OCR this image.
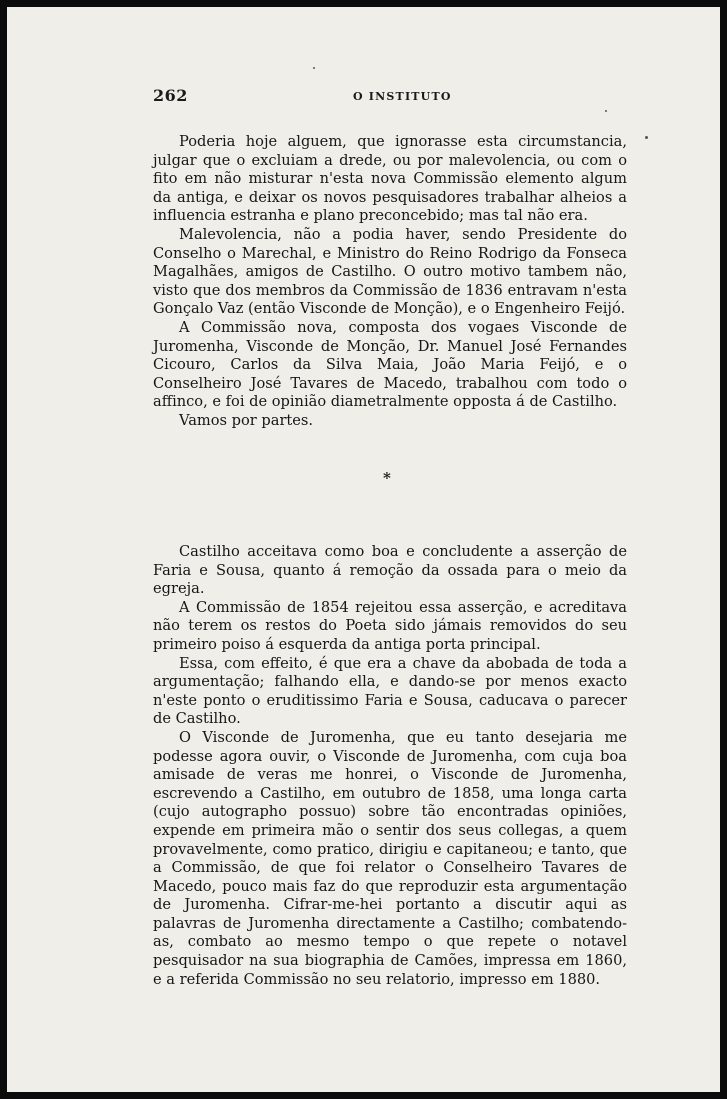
262	O INSTITUTO

Poderia hoje alguem, que ignorasse esta circumstancia, julgar que o excluiam a drede, ou por malevolencia, ou com o fito em não misturar n'esta nova Commissão elemento algum da antiga, e deixar os novos pesquisadores trabalhar alheios a influencia estranha e plano preconcebido; mas tal não era.

Malevolencia, não a podia haver, sendo Presidente do Conselho o Marechal, e Ministro do Reino Rodrigo da Fonseca Magalhães, amigos de Castilho. O outro motivo tambem não, visto que dos membros da Commissão de 1836 entravam n'esta Gonçalo Vaz (então Visconde de Monção), e o Engenheiro Feijó.

A Commissão nova, composta dos vogaes Visconde de Juromenha, Visconde de Monção, Dr. Manuel José Fernandes Cicouro, Carlos da Silva Maia, João Maria Feijó, e o Conselheiro José Tavares de Macedo, trabalhou com todo o affinco, e foi de opinião diametralmente opposta á de Castilho.

Vamos por partes.

*

Castilho acceitava como boa e concludente a asserção de Faria e Sousa, quanto á remoção da ossada para o meio da egreja.

A Commissão de 1854 rejeitou essa asserção, e acreditava não terem os restos do Poeta sido jámais removidos do seu primeiro poiso á esquerda da antiga porta principal.

Essa, com effeito, é que era a chave da abobada de toda a argumentação; falhando ella, e dando-se por menos exacto n'este ponto o eruditissimo Faria e Sousa, caducava o parecer de Castilho.

O Visconde de Juromenha, que eu tanto desejaria me podesse agora ouvir, o Visconde de Juromenha, com cuja boa amisade de veras me honrei, o Visconde de Juromenha, escrevendo a Castilho, em outubro de 1858, uma longa carta (cujo autographo possuo) sobre tão encontradas opiniões, expende em primeira mão o sentir dos seus collegas, a quem provavelmente, como pratico, dirigiu e capitaneou; e tanto, que a Commissão, de que foi relator o Conselheiro Tavares de Macedo, pouco mais faz do que reproduzir esta argumentação de Juromenha. Cifrar-me-hei portanto a discutir aqui as palavras de Juromenha directamente a Castilho; combatendo-as, combato ao mesmo tempo o que repete o notavel pesquisador na sua biographia de Camões, impressa em 1860, e a referida Commissão no seu relatorio, impresso em 1880.
